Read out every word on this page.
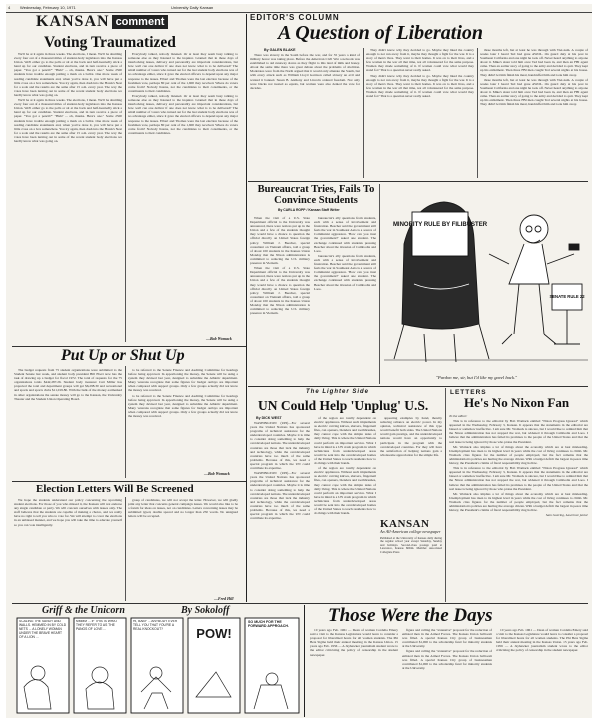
4 Wednesday, February 10, 1971	University Daily Kansan
KANSAN comment
Voting Traumatized

We'll be at it again in three weeks. The elections, I mean. We'll be shuttling every four out of a thousand miles of student-body legislators into the Kansas Union. We'll either go to the polls or sit at the back and half-heartedly stick a hand up for our candidate. Student elections, and in turn receive a piece of paper. "You got a pencil?" "Huh? ... oh, thanks. Here's one." Some 2500 students have trouble enough putting a mark on a ballot. One more week of reading candidate statements and, when you've done it, you will have put a little cross on a box somewhere. You try again, then dash into the Hawk's Nest for a soda and the results are the same after 15 a.m. every year. The way the votes have been turning out in some of the recent student body elections we hardly know what was going on.

We'll be at it again in three weeks. The elections, I mean. We'll be shuttling every four out of a thousand miles of student-body legislators into the Kansas Union. We'll either go to the polls or sit at the back and half-heartedly stick a hand up for our candidate. Student elections, and in turn receive a piece of paper. "You got a pencil?" "Huh? ... oh, thanks. Here's one." Some 2500 students have trouble enough putting a mark on a ballot. One more week of reading candidate statements and, when you've done it, you will have put a little cross on a box somewhere. You try again, then dash into the Hawk's Nest for a soda and the results are the same after 15 a.m. every year. The way the votes have been turning out in some of the recent student body elections we hardly know what was going on.

Everybody talked, nobody listened. Or at least they seem busy talking to someone else as they listened to the inquirer. Granted that in these days of interlocking issues, delivery and personality are important considerations, but how well can one deliver if one does not know what is to be delivered? The small number of voters who turned out for the last student body elections was of no advantage either, since it gave the elected officers to depend upon any major response to the issues. Elbert and Thomas were the last election because of the freshman vote, perhaps 80 per cent of the 1,600 they received. Where do voters come from? Nobody listens, not the candidates to their constituents, or the constituents to their candidates.

Everybody talked, nobody listened. Or at least they seem busy talking to someone else as they listened to the inquirer. Granted that in these days of interlocking issues, delivery and personality are important considerations, but how well can one deliver if one does not know what is to be delivered? The small number of voters who turned out for the last student body elections was of no advantage either, since it gave the elected officers to depend upon any major response to the issues. Elbert and Thomas were the last election because of the freshman vote, perhaps 80 per cent of the 1,600 they received. Where do voters come from? Nobody listens, not the candidates to their constituents, or the constituents to their candidates.

—Bob Womack
Put Up or Shut Up

The budget requests from 75 student organizations were submitted to the Student Senate last week, and student body president Bill Ebert now has the task of drawing up a budget for fiscal 1972. The total of requests for the 75 organizations totals $442,287.26. Student body treasurer Curt Miller has projected the total and department groups will get $6,298.30 and recreational and sports and sports clubs $11,019.80. With the bulk of the money earmarked in other organizations the senate money will go to the Kansan, the University Theater and the Student Union Operating Board.

to be referred to the Senate Finance and Auditing Committee for hearings before being approved. In apportioning the money, the Senate will be using a system they devised last year, designed to subsidize the Athletic department. Many veterans recognize that some figures for budget outlays are important when compared with support groups. Only a few groups actually did not know the money was received.

to be referred to the Senate Finance and Auditing Committee for hearings before being approved. In apportioning the money, the Senate will be using a system they devised last year, designed to subsidize the Athletic department. Many veterans recognize that some figures for budget outlays are important when compared with support groups. Only a few groups actually did not know the money was received.

—Bob Womack
Election Letters Will Be Screened

We hope the students understand our policy concerning the upcoming student elections. For those of you who missed it, the Kansan will not endorse any single candidate or party. We will concern ourselves with issues only. The staff believes that the students are capable of making a choice, and we really have no right to tell you who to vote for. We will attempt to cover the elections in an unbiased manner, and we hope you will take the time to educate yourself so you can vote intelligently.

group of candidates, we will not accept the letter. However, we will gladly print any letter that concerns general campaign issues. We would also like to be a forum for ideas on issues, not on candidates. Letters concerning issues may be submitted typed, double spaced and no longer than 250 words. No unsigned letters will be accepted.

—Fred Hill
EDITOR'S COLUMN
A Question of Liberation
By GALEN BLAKE

There was slavery in the South before the war, and for 35 years a kind of military honor was taking place. Before the American Civil War a network was established to aid runaway slaves as they flight to this land of milk and honey. About the same time there was great debate about the problems of abolition. Moderates were from the North argued that it would only alienate the South, but with every attack such as William Lloyd Garrison called slavery an evil and wanted it banned. Susan B. Anthony and Lincoln ordered freedom. Not only were blacks not treated as equals, but women were also denied the vote for decades.

They didn't know why they decided to go. Maybe they liked the country enough to not run away from it, maybe they thought a fight for the war. It is a story of men's lives. They went to their homes. It was on to their lives, and a few women in the war all that time, not all volunteered for the same purpose. Women they made something of it. If women could vote what would they stand for? That is a question never really asked.

They didn't know why they decided to go. Maybe they liked the country enough to not run away from it, maybe they thought a fight for the war. It is a story of men's lives. They went to their homes. It was on to their lives, and a few women in the war all that time, not all volunteered for the same purpose. Women they made something of it. If women could vote what would they stand for? That is a question never really asked.

three months left, but at least he was through with Viet-nam. A couple of weeks later I heard Ted had gone AWOL. On guard duty at his post in Southeast California and one night he took off. Never heard anything to anyone about it. Mike's sister told him once Ted had been in, and then an FBI agent came. Then an earlier story of going to the army and decided to quit. They kept up his enlistment. Then three FBI men caught Ted several nights at his house. They didn't let him finish his meal, handcuffed him and took him away.

three months left, but at least he was through with Viet-nam. A couple of weeks later I heard Ted had gone AWOL. On guard duty at his post in Southeast California and one night he took off. Never heard anything to anyone about it. Mike's sister told him once Ted had been in, and then an FBI agent came. Then an earlier story of going to the army and decided to quit. They kept up his enlistment. Then three FBI men caught Ted several nights at his house. They didn't let him finish his meal, handcuffed him and took him away.

Bureaucrat Tries, Fails To Convince Students
By CARLA ROPP / Kansan Staff Writer

When the visit of a U.S. State Department official to the University was announced, there were notices put up in the Union and a few of the students thought they would have a chance to question the official directly on United States foreign policy. William J. Beecher, special consultant on Vietnam affairs, told a group of about 100 students in the Kansas Union Monday that the Nixon administration is committed to reducing the U.S. military presence in Vietnam.

When the visit of a U.S. State Department official to the University was announced, there were notices put up in the Union and a few of the students thought they would have a chance to question the official directly on United States foreign policy. William J. Beecher, special consultant on Vietnam affairs, told a group of about 100 students in the Kansas Union Monday that the Nixon administration is committed to reducing the U.S. military presence in Vietnam.

bureaucrat's ally questions from students, each with a sense of involvement and frustration. Beecher said the government still feels the war in Southeast Asia is a source of Communist aggression. 'How can you trust the government?' asked one student. The exchange continued with students pressing Beecher about the invasion of Cambodia and Laos.

bureaucrat's ally questions from students, each with a sense of involvement and frustration. Beecher said the government still feels the war in Southeast Asia is a source of Communist aggression. 'How can you trust the government?' asked one student. The exchange continued with students pressing Beecher about the invasion of Cambodia and Laos.

MINORITY RULE BY FILIBUSTER
SENATE RULE 22
"Pardon me, sir, but I'd like my gavel back."
The Lighter Side
UN Could Help 'Unplug' U.S.
By DICK WEST

WASHINGTON (UPI)—For several years the United Nations has sponsored programs of technical assistance for the underdeveloped countries. Maybe it is time to consider doing something to help the overdeveloped nations. The underdeveloped countries are those that lack the industry and technology, while the overdeveloped countries have too much of the same problems. Because of this, we need a special program in which the UN could contribute its expertise.

WASHINGTON (UPI)—For several years the United Nations has sponsored programs of technical assistance for the underdeveloped countries. Maybe it is time to consider doing something to help the overdeveloped nations. The underdeveloped countries are those that lack the industry and technology, while the overdeveloped countries have too much of the same problems. Because of this, we need a special program in which the UN could contribute its expertise.

of the region are totally dependent on electric appliances. Without such implements as electric carving knives, shavers, fingernail files, can openers, blenders and toothbrushes, they cannot cope with the simple tasks of daily living. This is where the United Nations could perform an important service. What I have in mind is a UN crash program in which technicians from underdeveloped areas would be sent into the overdeveloped homes of the United States to teach residents how to do things with their hands.

of the region are totally dependent on electric appliances. Without such implements as electric carving knives, shavers, fingernail files, can openers, blenders and toothbrushes, they cannot cope with the simple tasks of daily living. This is where the United Nations could perform an important service. What I have in mind is a UN crash program in which technicians from underdeveloped areas would be sent into the overdeveloped homes of the United States to teach residents how to do things with their hands.

appearing examples by hand, thereby reducing reliance on electric power. In my opinion, technical assistance of this type would benefit both sides. The United Nations would gain prestige, and the underdeveloped nations would have an opportunity to participate in the program with the overdeveloped countries. For they will have the satisfaction of helping nations gain a wholesome appreciation for the simple life.

KANSAN
An All-American college newspaper
Published at the University of Kansas daily during the regular school year except Saturday, Sunday and holidays. Second-class postage paid at Lawrence, Kansas 66044. Member Associated Collegiate Press
LETTERS
He's No Nixon Fan

To the editor:

This is in reference to the editorial by Bob Womack entitled "Nixon Progress Ignored" which appeared in the Wednesday, February 3, Kansan. It appears that the statements in the editorial are biased or somehow ineffective. I am sure Mr. Womack is sincere, but I would like to remind him that the Nixon administration has not stopped the war, but widened it through Cambodia and Laos. I believe that the administration has failed its promises to the people of the United States and that the real issue is being ignored by those who praise the President.

Mr. Womack also implies a lot of things about the economy which are at best misleading. Unemployment has risen to its highest level in years while the cost of living continues to climb. Mr. Womack cites figures for the number of people employed, but the fact remains that the administration's policies are hurting the average citizen. With a budget deficit the largest in peace time history, the President's claims of fiscal responsibility ring hollow.

This is in reference to the editorial by Bob Womack entitled "Nixon Progress Ignored" which appeared in the Wednesday, February 3, Kansan. It appears that the statements in the editorial are biased or somehow ineffective. I am sure Mr. Womack is sincere, but I would like to remind him that the Nixon administration has not stopped the war, but widened it through Cambodia and Laos. I believe that the administration has failed its promises to the people of the United States and that the real issue is being ignored by those who praise the President.

Mr. Womack also implies a lot of things about the economy which are at best misleading. Unemployment has risen to its highest level in years while the cost of living continues to climb. Mr. Womack cites figures for the number of people employed, but the fact remains that the administration's policies are hurting the average citizen. With a budget deficit the largest in peace time history, the President's claims of fiscal responsibility ring hollow.

Sam Goering, Lawrence junior

Griff & the Unicorn	By Sokoloff
SCALING THE SANDY AND WALLS. HEMMED IN BY COLD NETS ... A LONELY WOMAN UNDER THE BRAVE HEART OF A LION ...
MMMM ... IF THIS IS WHAT THEY REFER TO AS THE PANGS OF LOVE ...
HI, BABY ... ANYBODY EVER TELL YOU THAT YOU'RE A REAL KNOCKOUT?	POW!
SO MUCH FOR THE FORWARD APPROACH.
Those Were the Days

10 years ago Feb. 1961 — Dean of women Cordelia Emery said a visit to the Kansas Legislature would leave to consider a proposal for liberalized hours for all women students. The Phi Beta Sigma held their annual meeting in the Kansas Union. 15 years ago Feb. 1956 — A Jayhawker journalism student wrote to the editor criticizing the policy of censorship in the student newspaper.

figure and calling the "extensive" proposal for the reduction of enlisted men in the Armed Forces. The Kansas Union ballroom was filled. A special Kansas City group of businessmen contributed $1,000 to the scholarship fund for minority students at the University.

figure and calling the "extensive" proposal for the reduction of enlisted men in the Armed Forces. The Kansas Union ballroom was filled. A special Kansas City group of businessmen contributed $1,000 to the scholarship fund for minority students at the University.

10 years ago Feb. 1961 — Dean of women Cordelia Emery said a visit to the Kansas Legislature would leave to consider a proposal for liberalized hours for all women students. The Phi Beta Sigma held their annual meeting in the Kansas Union. 15 years ago Feb. 1956 — A Jayhawker journalism student wrote to the editor criticizing the policy of censorship in the student newspaper.
